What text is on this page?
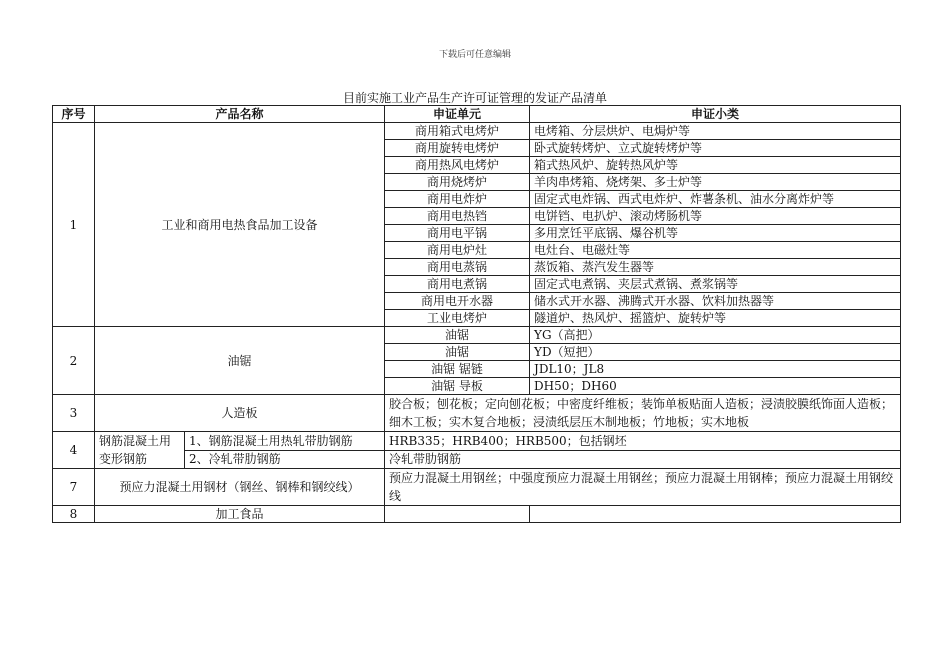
下载后可任意编辑
目前实施工业产品生产许可证管理的发证产品清单
序号	产品名称		申证单元	申证小类
1	工业和商用电热食品加工设备		商用箱式电烤炉	电烤箱、分层烘炉、电焗炉等
			商用旋转电烤炉	卧式旋转烤炉、立式旋转烤炉等
			商用热风电烤炉	箱式热风炉、旋转热风炉等
			商用烧烤炉	羊肉串烤箱、烧烤架、多士炉等
			商用电炸炉	固定式电炸锅、西式电炸炉、炸薯条机、油水分离炸炉等
			商用电热铛	电饼铛、电扒炉、滚动烤肠机等
			商用电平锅	多用烹饪平底锅、爆谷机等
			商用电炉灶	电灶台、电磁灶等
			商用电蒸锅	蒸饭箱、蒸汽发生器等
			商用电煮锅	固定式电煮锅、夹层式煮锅、煮浆锅等
			商用电开水器	储水式开水器、沸腾式开水器、饮料加热器等
			工业电烤炉	隧道炉、热风炉、摇篮炉、旋转炉等
2	油锯		油锯	YG（高把）
			油锯	YD（短把）
			油锯 锯链	JDL10；JL8
			油锯 导板	DH50；DH60
3	人造板		胶合板；刨花板；定向刨花板；中密度纤维板；装饰单板贴面人造板；浸渍胶膜纸饰面人造板；细木工板；实木复合地板；浸渍纸层压木制地板；竹地板；实木地板	
4	钢筋混凝土用变形钢筋	1、钢筋混凝土用热轧带肋钢筋	HRB335；HRB400；HRB500；包括钢坯	
		2、冷轧带肋钢筋	冷轧带肋钢筋	
7	预应力混凝土用钢材（钢丝、钢棒和钢绞线）		预应力混凝土用钢丝；中强度预应力混凝土用钢丝；预应力混凝土用钢棒；预应力混凝土用钢绞线	
8	加工食品			
